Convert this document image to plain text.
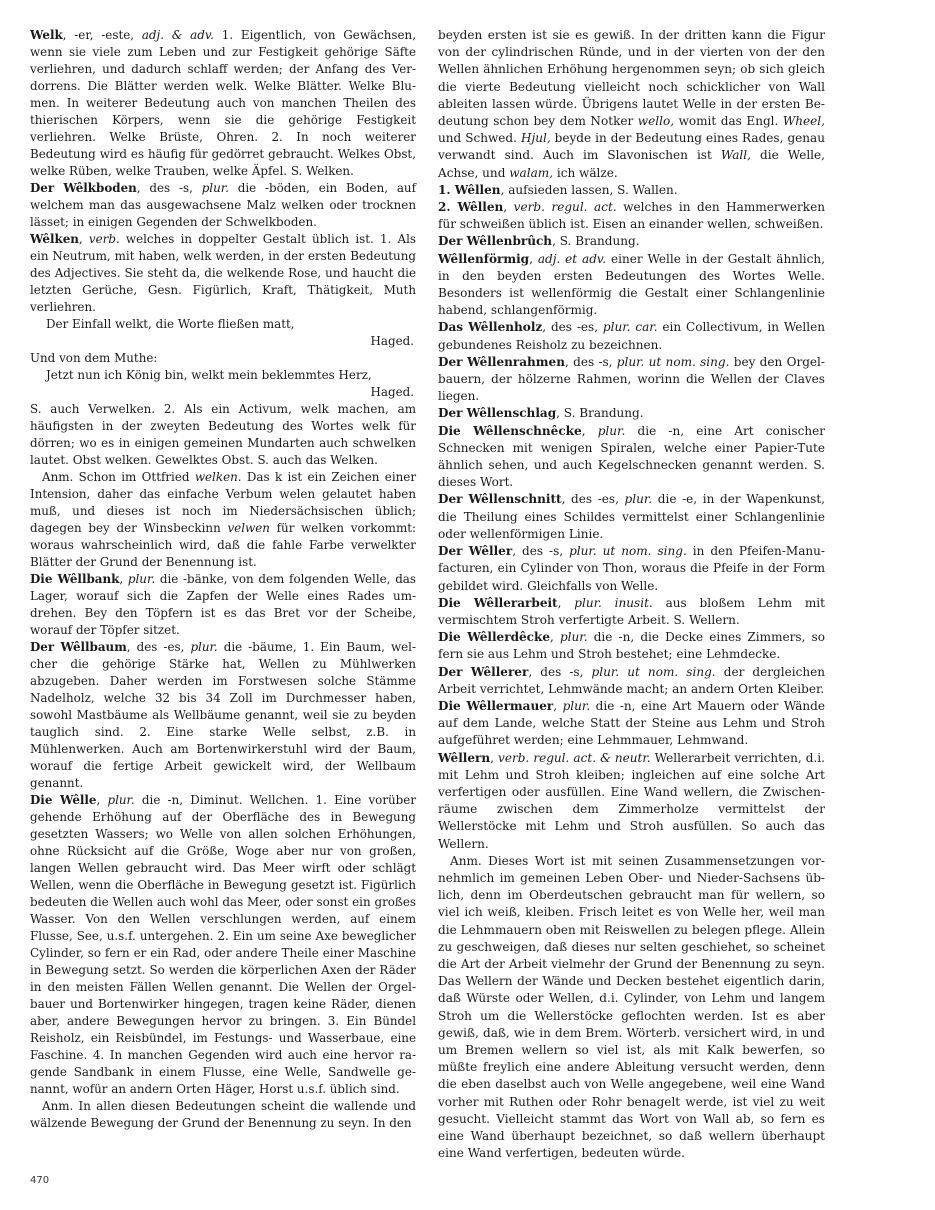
Welk, -er, -este, adj. & adv. 1. Eigentlich, von Gewächsen, wenn sie viele zum Leben und zur Festigkeit gehörige Säfte verliehren, und dadurch schlaff werden; der Anfang des Verdorrens. Die Blätter werden welk. Welke Blätter. Welke Blumen. In weiterer Bedeutung auch von manchen Theilen des thierischen Körpers, wenn sie die gehörige Festigkeit verliehren. Welke Brüste, Ohren. 2. In noch weiterer Bedeutung wird es häufig für gedörret gebraucht. Welkes Obst, welke Rüben, welke Trauben, welke Äpfel. S. Welken.

Der Wêlkboden, des -s, plur. die -böden, ein Boden, auf welchem man das ausgewachsene Malz welken oder trocknen lässet; in einigen Gegenden der Schwelkboden.

Wêlken, verb. welches in doppelter Gestalt üblich ist. 1. Als ein Neutrum, mit haben, welk werden, in der ersten Bedeutung des Adjectives. Sie steht da, die welkende Rose, und haucht die letzten Gerüche, Gesn. Figürlich, Kraft, Thätigkeit, Muth verliehren.

Der Einfall welkt, die Worte fließen matt,

Haged.

Und von dem Muthe:

Jetzt nun ich König bin, welkt mein beklemmtes Herz,

Haged.

S. auch Verwelken. 2. Als ein Activum, welk machen, am häufigsten in der zweyten Bedeutung des Wortes welk für dörren; wo es in einigen gemeinen Mundarten auch schwelken lautet. Obst welken. Gewelktes Obst. S. auch das Welken.

Anm. Schon im Ottfried welken. Das k ist ein Zeichen einer Intension, daher das einfache Verbum welen gelautet haben muß, und dieses ist noch im Niedersächsischen üblich; dagegen bey der Winsbeckinn velwen für welken vorkommt: woraus wahrscheinlich wird, daß die fahle Farbe verwelkter Blätter der Grund der Benennung ist.

Die Wêllbank, plur. die -bänke, von dem folgenden Welle, das Lager, worauf sich die Zapfen der Welle eines Rades umdrehen. Bey den Töpfern ist es das Bret vor der Scheibe, worauf der Töpfer sitzet.

Der Wêllbaum, des -es, plur. die -bäume, 1. Ein Baum, welcher die gehörige Stärke hat, Wellen zu Mühlwerken abzugeben. Daher werden im Forstwesen solche Stämme Nadelholz, welche 32 bis 34 Zoll im Durchmesser haben, sowohl Mastbäume als Wellbäume genannt, weil sie zu beyden tauglich sind. 2. Eine starke Welle selbst, z.B. in Mühlenwerken. Auch am Bortenwirkerstuhl wird der Baum, worauf die fertige Arbeit gewickelt wird, der Wellbaum genannt.

Die Wêlle, plur. die -n, Diminut. Wellchen. 1. Eine vorüber gehende Erhöhung auf der Oberfläche des in Bewegung gesetzten Wassers; wo Welle von allen solchen Erhöhungen, ohne Rücksicht auf die Größe, Woge aber nur von großen, langen Wellen gebraucht wird. Das Meer wirft oder schlägt Wellen, wenn die Oberfläche in Bewegung gesetzt ist. Figürlich bedeuten die Wellen auch wohl das Meer, oder sonst ein großes Wasser. Von den Wellen verschlungen werden, auf einem Flusse, See, u.s.f. untergehen. 2. Ein um seine Axe beweglicher Cylinder, so fern er ein Rad, oder andere Theile einer Maschine in Bewegung setzt. So werden die körperlichen Axen der Räder in den meisten Fällen Wellen genannt. Die Wellen der Orgelbauer und Bortenwirker hingegen, tragen keine Räder, dienen aber, andere Bewegungen hervor zu bringen. 3. Ein Bündel Reisholz, ein Reisbündel, im Festungs- und Wasserbaue, eine Faschine. 4. In manchen Gegenden wird auch eine hervor ragende Sandbank in einem Flusse, eine Welle, Sandwelle genannt, wofür an andern Orten Häger, Horst u.s.f. üblich sind.

Anm. In allen diesen Bedeutungen scheint die wallende und wälzende Bewegung der Grund der Benennung zu seyn. In den

beyden ersten ist sie es gewiß. In der dritten kann die Figur von der cylindrischen Ründe, und in der vierten von der den Wellen ähnlichen Erhöhung hergenommen seyn; ob sich gleich die vierte Bedeutung vielleicht noch schicklicher von Wall ableiten lassen würde. Übrigens lautet Welle in der ersten Bedeutung schon bey dem Notker wello, womit das Engl. Wheel, und Schwed. Hjul, beyde in der Bedeutung eines Rades, genau verwandt sind. Auch im Slavonischen ist Wall, die Welle, Achse, und walam, ich wälze.

1. Wêllen, aufsieden lassen, S. Wallen.

2. Wêllen, verb. regul. act. welches in den Hammerwerken für schweißen üblich ist. Eisen an einander wellen, schweißen.

Der Wêllenbrûch, S. Brandung.

Wêllenförmig, adj. et adv. einer Welle in der Gestalt ähnlich, in den beyden ersten Bedeutungen des Wortes Welle. Besonders ist wellenförmig die Gestalt einer Schlangenlinie habend, schlangenförmig.

Das Wêllenholz, des -es, plur. car. ein Collectivum, in Wellen gebundenes Reisholz zu bezeichnen.

Der Wêllenrahmen, des -s, plur. ut nom. sing. bey den Orgelbauern, der hölzerne Rahmen, worinn die Wellen der Claves liegen.

Der Wêllenschlag, S. Brandung.

Die Wêllenschnêcke, plur. die -n, eine Art conischer Schnecken mit wenigen Spiralen, welche einer Papier-Tute ähnlich sehen, und auch Kegelschnecken genannt werden. S. dieses Wort.

Der Wêllenschnitt, des -es, plur. die -e, in der Wapenkunst, die Theilung eines Schildes vermittelst einer Schlangenlinie oder wellenförmigen Linie.

Der Wêller, des -s, plur. ut nom. sing. in den Pfeifen-Manufacturen, ein Cylinder von Thon, woraus die Pfeife in der Form gebildet wird. Gleichfalls von Welle.

Die Wêllerarbeit, plur. inusit. aus bloßem Lehm mit vermischtem Stroh verfertigte Arbeit. S. Wellern.

Die Wêllerdêcke, plur. die -n, die Decke eines Zimmers, so fern sie aus Lehm und Stroh bestehet; eine Lehmdecke.

Der Wêllerer, des -s, plur. ut nom. sing. der dergleichen Arbeit verrichtet, Lehmwände macht; an andern Orten Kleiber.

Die Wêllermauer, plur. die -n, eine Art Mauern oder Wände auf dem Lande, welche Statt der Steine aus Lehm und Stroh aufgeführet werden; eine Lehmmauer, Lehmwand.

Wêllern, verb. regul. act. & neutr. Wellerarbeit verrichten, d.i. mit Lehm und Stroh kleiben; ingleichen auf eine solche Art verfertigen oder ausfüllen. Eine Wand wellern, die Zwischenräume zwischen dem Zimmerholze vermittelst der Wellerstöcke mit Lehm und Stroh ausfüllen. So auch das Wellern.

Anm. Dieses Wort ist mit seinen Zusammensetzungen vornehmlich im gemeinen Leben Ober- und Nieder-Sachsens üblich, denn im Oberdeutschen gebraucht man für wellern, so viel ich weiß, kleiben. Frisch leitet es von Welle her, weil man die Lehmmauern oben mit Reiswellen zu belegen pflege. Allein zu geschweigen, daß dieses nur selten geschiehet, so scheinet die Art der Arbeit vielmehr der Grund der Benennung zu seyn. Das Wellern der Wände und Decken bestehet eigentlich darin, daß Würste oder Wellen, d.i. Cylinder, von Lehm und langem Stroh um die Wellerstöcke geflochten werden. Ist es aber gewiß, daß, wie in dem Brem. Wörterb. versichert wird, in und um Bremen wellern so viel ist, als mit Kalk bewerfen, so müßte freylich eine andere Ableitung versucht werden, denn die eben daselbst auch von Welle angegebene, weil eine Wand vorher mit Ruthen oder Rohr benagelt werde, ist viel zu weit gesucht. Vielleicht stammt das Wort von Wall ab, so fern es eine Wand überhaupt bezeichnet, so daß wellern überhaupt eine Wand verfertigen, bedeuten würde.

470
